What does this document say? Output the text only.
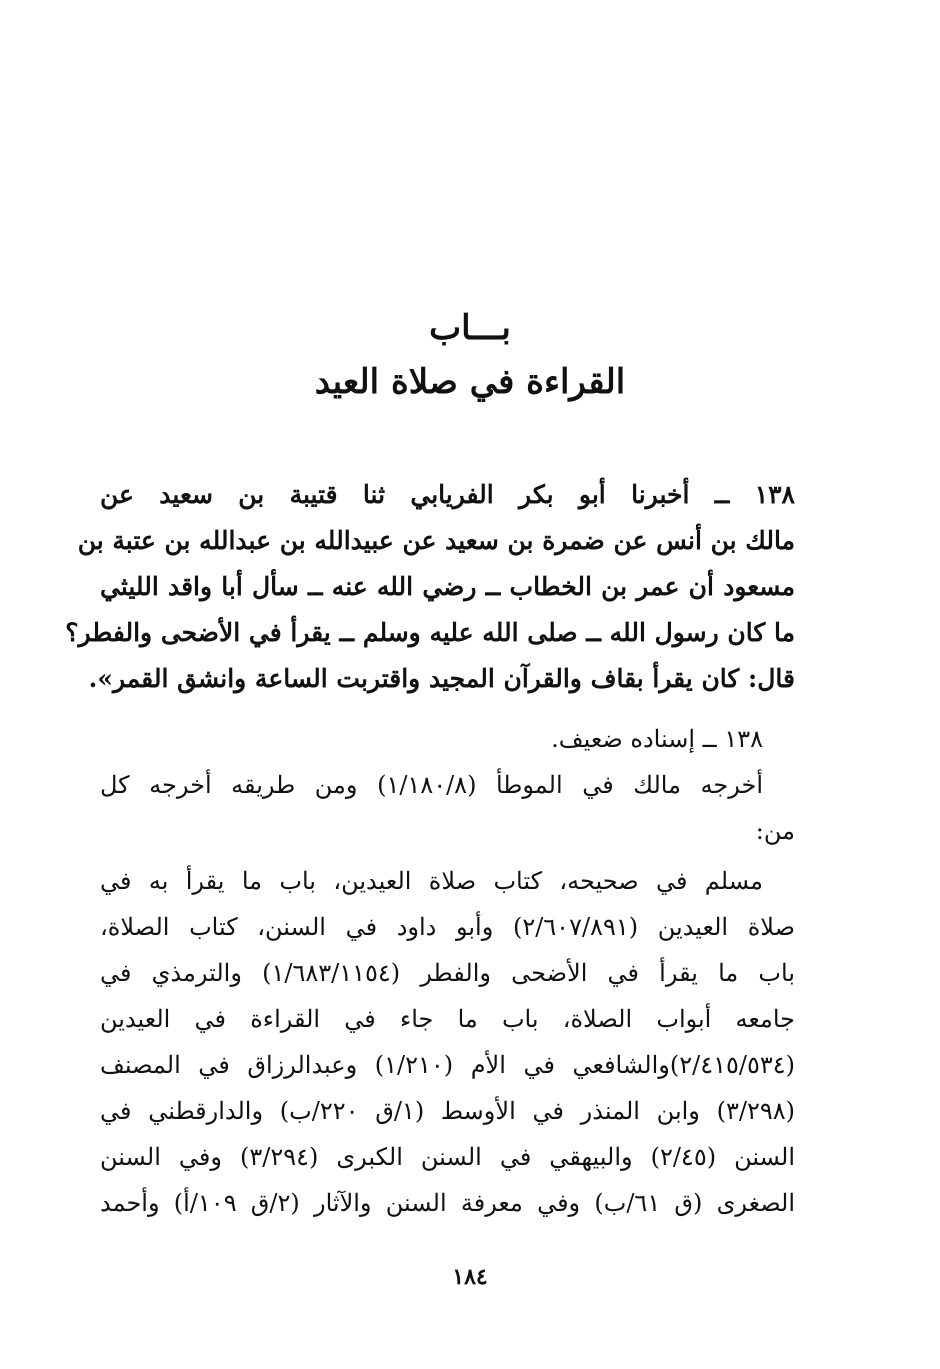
بـــاب
القراءة في صلاة العيد
١٣٨ ــ أخبرنا أبو بكر الفريابي ثنا قتيبة بن سعيد عن
مالك بن أنس عن ضمرة بن سعيد عن عبيدالله بن عبدالله بن عتبة بن
مسعود أن عمر بن الخطاب ــ رضي الله عنه ــ سأل أبا واقد الليثي
ما كان رسول الله ــ صلى الله عليه وسلم ــ يقرأ في الأضحى والفطر؟
قال: كان يقرأ بقاف والقرآن المجيد واقتربت الساعة وانشق القمر».
١٣٨ ــ إسناده ضعيف.
أخرجه مالك في الموطأ (١/١٨٠/٨) ومن طريقه أخرجه كل
من:
مسلم في صحيحه، كتاب صلاة العيدين، باب ما يقرأ به في
صلاة العيدين (٢/٦٠٧/٨٩١) وأبو داود في السنن، كتاب الصلاة،
باب ما يقرأ في الأضحى والفطر (١/٦٨٣/١١٥٤) والترمذي في
جامعه أبواب الصلاة، باب ما جاء في القراءة في العيدين
(٢/٤١٥/٥٣٤)والشافعي في الأم (١/٢١٠) وعبدالرزاق في المصنف
(٣/٢٩٨) وابن المنذر في الأوسط (١/ق ٢٢٠/ب) والدارقطني في
السنن (٢/٤٥) والبيهقي في السنن الكبرى (٣/٢٩٤) وفي السنن
الصغرى (ق ٦١/ب) وفي معرفة السنن والآثار (٢/ق ١٠٩/أ) وأحمد
١٨٤
